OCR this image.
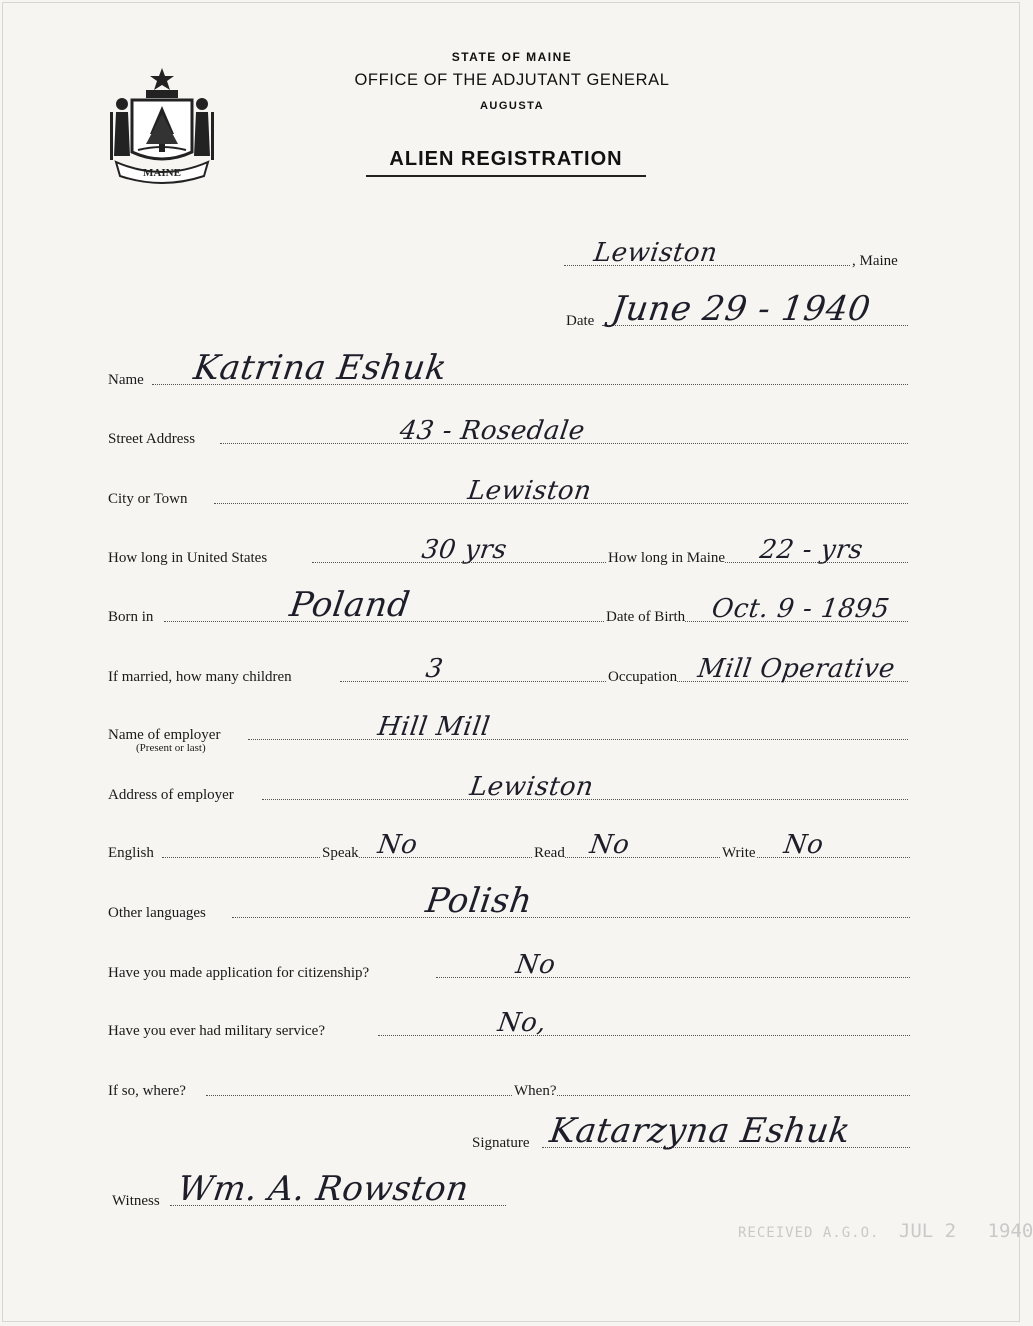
MAINE
STATE OF MAINE
OFFICE OF THE ADJUTANT GENERAL
AUGUSTA
ALIEN REGISTRATION
Lewiston	, Maine
Date June 29 - 1940
Name Katrina Eshuk
Street Address	43 - Rosedale
City or Town	Lewiston
How long in United States	30 yrs	How long in Maine 22 - yrs
Born in	Poland	Date of Birth Oct. 9 - 1895
If married, how many children	3	Occupation Mill Operative
Name of employer	Hill Mill
(Present or last)
Address of employer	Lewiston
English	Speak No	Read No	Write No
Other languages	Polish
Have you made application for citizenship?	No
Have you ever had military service?	No,
If so, where?	When?
Signature Katarzyna Eshuk
Witness Wm. A. Rowston
RECEIVED A.G.O. JUL 2 1940
